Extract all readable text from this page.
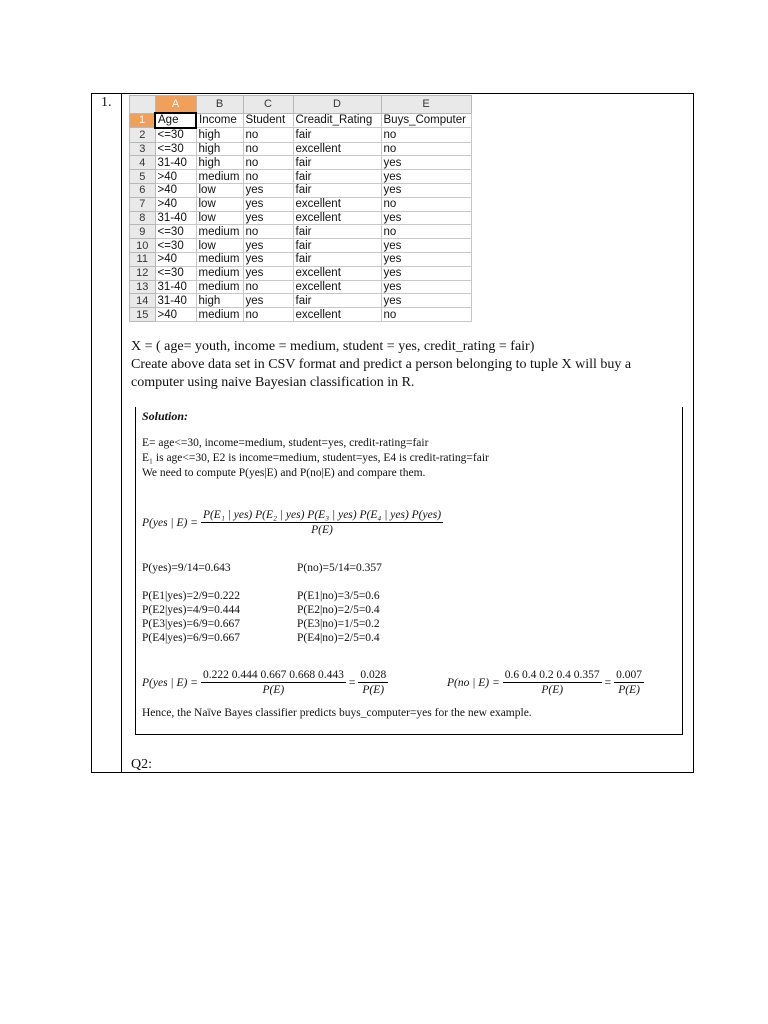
1.
		A	B	C	D	E
1	Age	Income	Student	Creadit_Rating	Buys_Computer
2	<=30	high	no	fair	no
3	<=30	high	no	excellent	no
4	31-40	high	no	fair	yes
5	>40	medium	no	fair	yes
6	>40	low	yes	fair	yes
7	>40	low	yes	excellent	no
8	31-40	low	yes	excellent	yes
9	<=30	medium	no	fair	no
10	<=30	low	yes	fair	yes
11	>40	medium	yes	fair	yes
12	<=30	medium	yes	excellent	yes
13	31-40	medium	no	excellent	yes
14	31-40	high	yes	fair	yes
15	>40	medium	no	excellent	no
X = ( age= youth, income = medium, student = yes, credit_rating = fair)
Create above data set in CSV format and predict a person belonging to tuple X will buy a
computer using naive Bayesian classification in R.
Solution:
E= age<=30, income=medium, student=yes, credit-rating=fair
E₁ is age<=30, E2 is income=medium, student=yes, E4 is credit-rating=fair
We need to compute P(yes|E) and P(no|E) and compare them.
P(yes | E) =
P(E₁ | yes) P(E₂ | yes) P(E₃ | yes) P(E₄ | yes) P(yes)
P(E)
P(yes)=9/14=0.643	P(no)=5/14=0.357
P(E1|yes)=2/9=0.222
P(E2|yes)=4/9=0.444
P(E3|yes)=6/9=0.667
P(E4|yes)=6/9=0.667
P(E1|no)=3/5=0.6
P(E2|no)=2/5=0.4
P(E3|no)=1/5=0.2
P(E4|no)=2/5=0.4
P(yes | $E) = \frac{0.222 0.444 0.667 0.668 0.443}{P(E)} = \frac{0.028}{P(E)}$	P(no | $E) = \frac{0.6 0.4 0.2 0.4 0.357}{P(E)} = \frac{0.007}{P(E)}$
Hence, the Naïve Bayes classifier predicts buys_computer=yes for the new example.
Q2:
